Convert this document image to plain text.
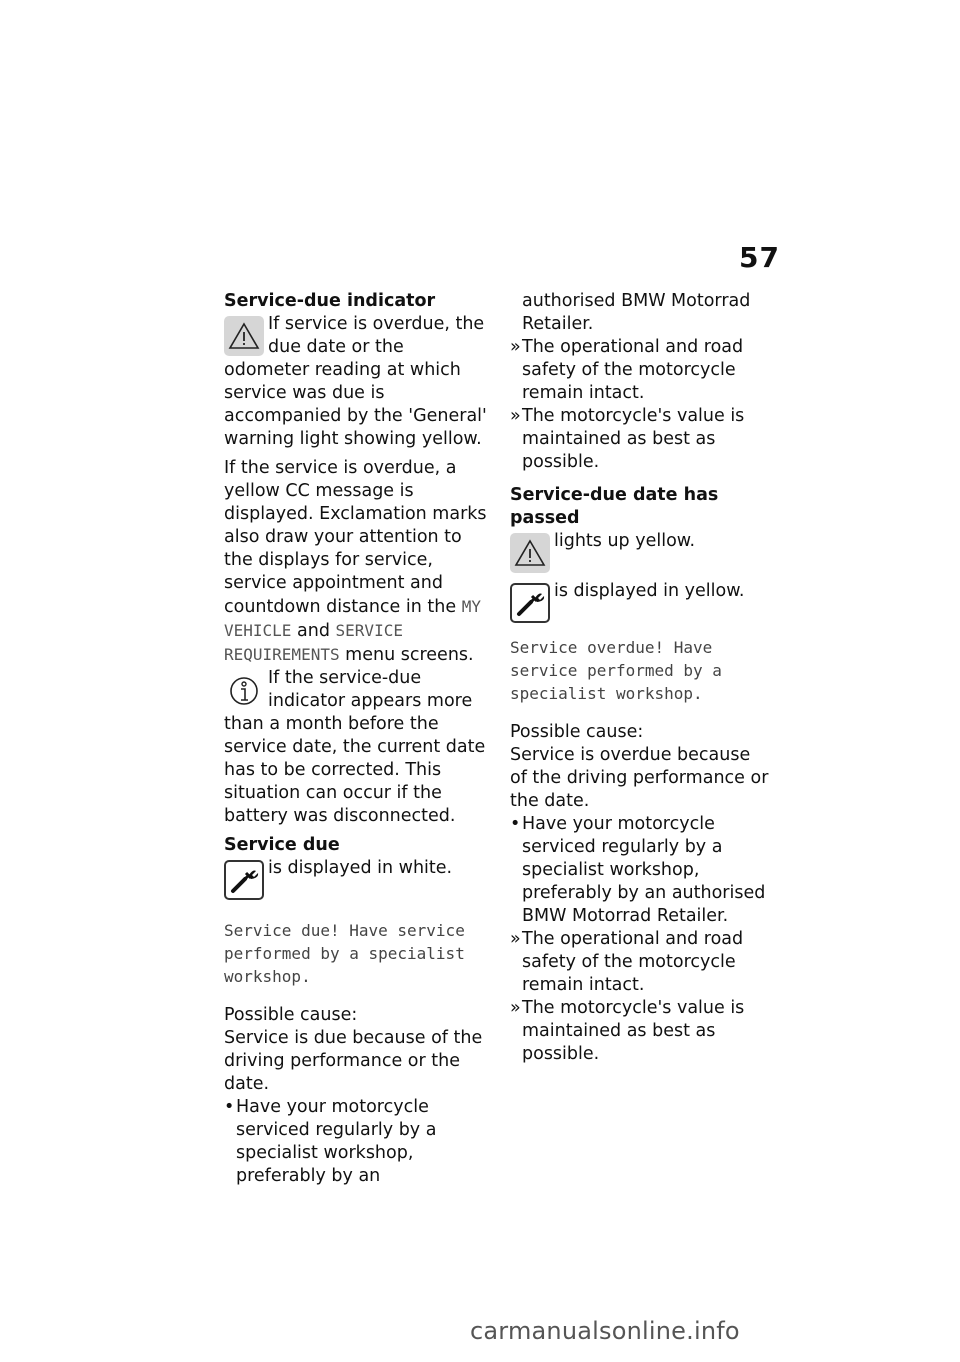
57

Service-due indicator

If service is overdue, the due date or the odometer reading at which service was due is accompanied by the 'General' warning light showing yellow.

If the service is overdue, a yellow CC message is displayed. Exclamation marks also draw your attention to the displays for service, service appointment and countdown distance in the MY VEHICLE and SERVICE REQUIREMENTS menu screens.

If the service-due indicator appears more than a month before the service date, the current date has to be corrected. This situation can occur if the battery was disconnected.

Service due

is displayed in white.

Service due! Have service performed by a specialist workshop.

Possible cause:

Service is due because of the driving performance or the date.

• Have your motorcycle serviced regularly by a specialist workshop, preferably by an

authorised BMW Motorrad Retailer.

» The operational and road safety of the motorcycle remain intact.

» The motorcycle's value is maintained as best as possible.

Service-due date has passed

lights up yellow.

is displayed in yellow.

Service overdue! Have service performed by a specialist workshop.

Possible cause:

Service is overdue because of the driving performance or the date.

• Have your motorcycle serviced regularly by a specialist workshop, preferably by an authorised BMW Motorrad Retailer.

» The operational and road safety of the motorcycle remain intact.

» The motorcycle's value is maintained as best as possible.

carmanualsonline.info
